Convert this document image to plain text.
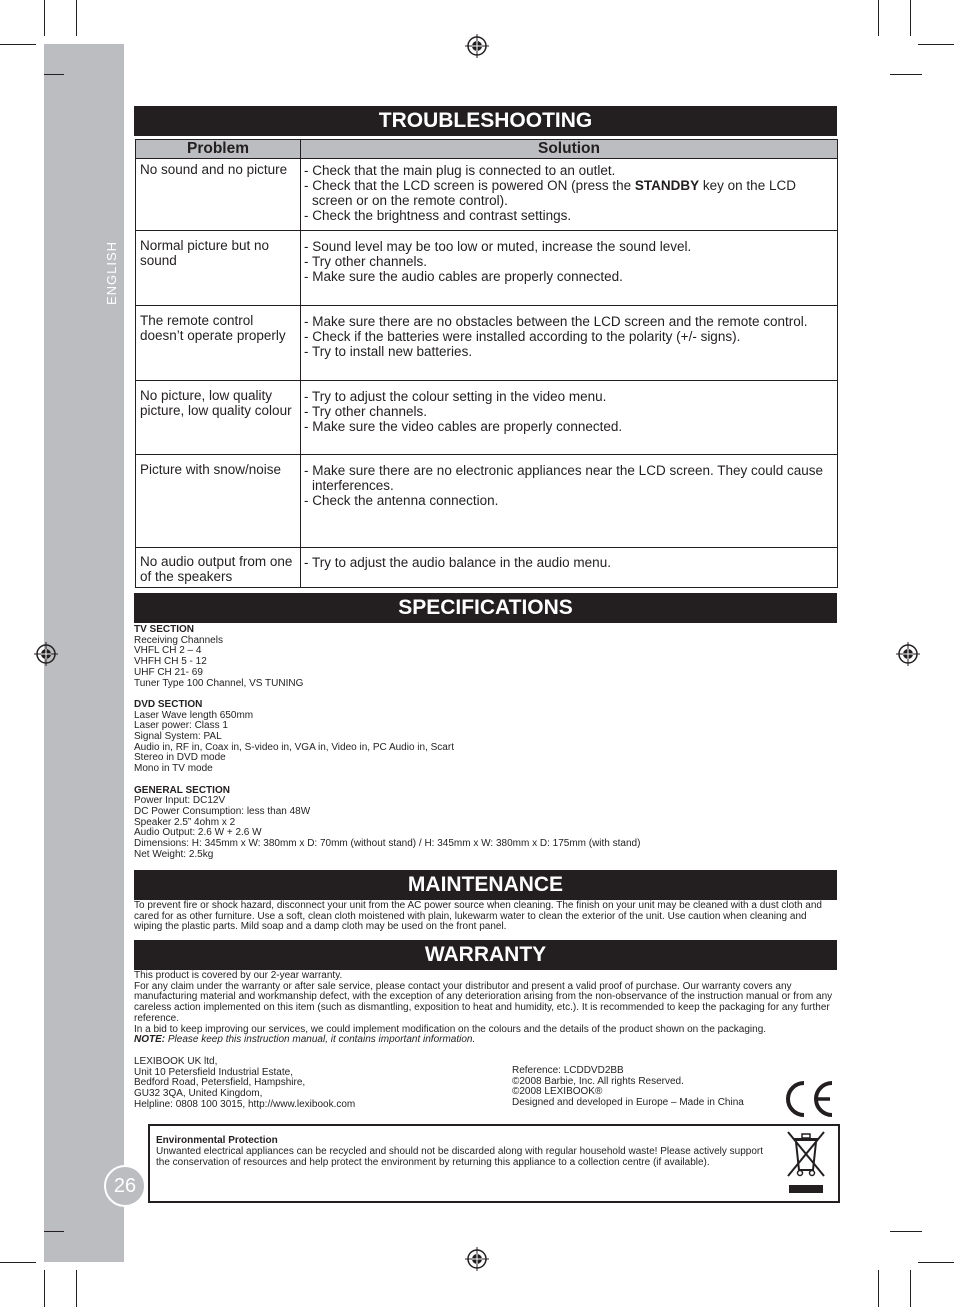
TROUBLESHOOTING
Problem	Solution
No sound and no picture	- Check that the main plug is connected to an outlet.
- Check that the LCD screen is powered ON (press the STANDBY key on the LCD screen or on the remote control).
- Check the brightness and contrast settings.

Normal picture but no sound	- Sound level may be too low or muted, increase the sound level.
- Try other channels.
- Make sure the audio cables are properly connected.

The remote control doesn’t operate properly	- Make sure there are no obstacles between the LCD screen and the remote control.
- Check if the batteries were installed according to the polarity (+/- signs).
- Try to install new batteries.

No picture, low quality picture, low quality colour	- Try to adjust the colour setting in the video menu.
- Try other channels.
- Make sure the video cables are properly connected.

Picture with snow/noise	- Make sure there are no electronic appliances near the LCD screen. They could cause interferences.
- Check the antenna connection.

No audio output from one of the speakers	- Try to adjust the audio balance in the audio menu.
SPECIFICATIONS
TV SECTION
Receiving Channels
VHFL CH 2 – 4
VHFH CH 5 - 12
UHF CH 21- 69
Tuner Type 100 Channel, VS TUNING
DVD SECTION
Laser Wave length 650mm
Laser power: Class 1
Signal System: PAL
Audio in, RF in, Coax in, S-video in, VGA in, Video in, PC Audio in, Scart
Stereo in DVD mode
Mono in TV mode
GENERAL SECTION
Power Input: DC12V
DC Power Consumption: less than 48W
Speaker 2.5” 4ohm x 2
Audio Output: 2.6 W + 2.6 W
Dimensions: H: 345mm x W: 380mm x D: 70mm (without stand) / H: 345mm x W: 380mm x D: 175mm (with stand)
Net Weight: 2.5kg
MAINTENANCE
To prevent fire or shock hazard, disconnect your unit from the AC power source when cleaning. The finish on your unit may be cleaned with a dust cloth and cared for as other furniture. Use a soft, clean cloth moistened with plain, lukewarm water to clean the exterior of the unit. Use caution when cleaning and wiping the plastic parts. Mild soap and a damp cloth may be used on the front panel.
WARRANTY
This product is covered by our 2-year warranty.
For any claim under the warranty or after sale service, please contact your distributor and present a valid proof of purchase. Our warranty covers any manufacturing material and workmanship defect, with the exception of any deterioration arising from the non-observance of the instruction manual or from any careless action implemented on this item (such as dismantling, exposition to heat and humidity, etc.). It is recommended to keep the packaging for any further reference.
In a bid to keep improving our services, we could implement modification on the colours and the details of the product shown on the packaging.
NOTE: Please keep this instruction manual, it contains important information.
LEXIBOOK UK ltd,
Unit 10 Petersfield Industrial Estate,
Bedford Road, Petersfield, Hampshire,
GU32 3QA, United Kingdom,
Helpline: 0808 100 3015, http://www.lexibook.com
Reference: LCDDVD2BB
©2008 Barbie, Inc. All rights Reserved.
©2008 LEXIBOOK®
Designed and developed in Europe – Made in China
Environmental Protection
Unwanted electrical appliances can be recycled and should not be discarded along with regular household waste! Please actively support the conservation of resources and help protect the environment by returning this appliance to a collection centre (if available).
26
